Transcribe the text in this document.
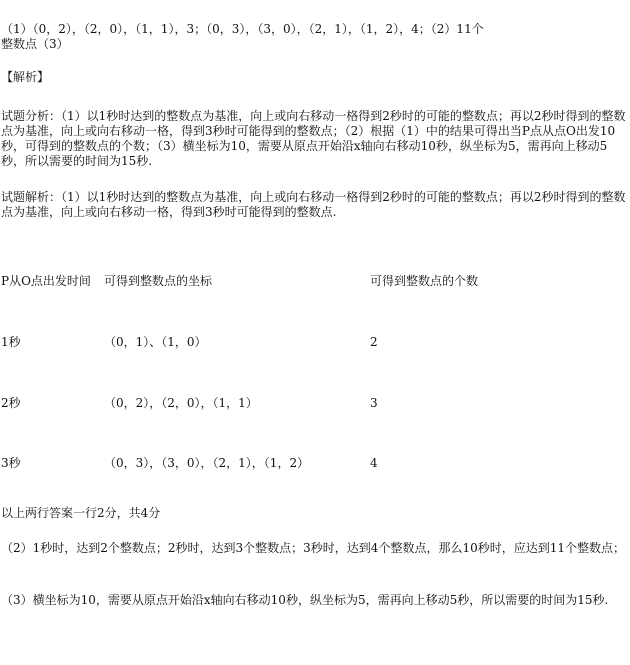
（1）（0，2），（2，0），（1，1），3；（0，3），（3，0），（2，1），（1，2），4；（2）11个
整数点（3）
【解析】
试题分析：（1）以1秒时达到的整数点为基准，向上或向右移动一格得到2秒时的可能的整数点；再以2秒时得到的整数点为基准，向上或向右移动一格，得到3秒时可能得到的整数点；（2）根据（1）中的结果可得出当P点从点O出发10秒，可得到的整数点的个数；（3）横坐标为10，需要从原点开始沿x轴向右移动10秒，纵坐标为5，需再向上移动5秒，所以需要的时间为15秒.
试题解析：（1）以1秒时达到的整数点为基准，向上或向右移动一格得到2秒时的可能的整数点；再以2秒时得到的整数点为基准，向上或向右移动一格，得到3秒时可能得到的整数点.
P从O点出发时间 可得到整数点的坐标	可得到整数点的个数
1秒	（0，1）、（1，0）	2
2秒	（0，2），（2，0），（1，1）	3
3秒	（0，3），（3，0），（2，1），（1，2）	4
以上两行答案一行2分，共4分
（2）1秒时，达到2个整数点；2秒时，达到3个整数点；3秒时，达到4个整数点，那么10秒时，应达到11个整数点；
（3）横坐标为10，需要从原点开始沿x轴向右移动10秒，纵坐标为5，需再向上移动5秒，所以需要的时间为15秒.
